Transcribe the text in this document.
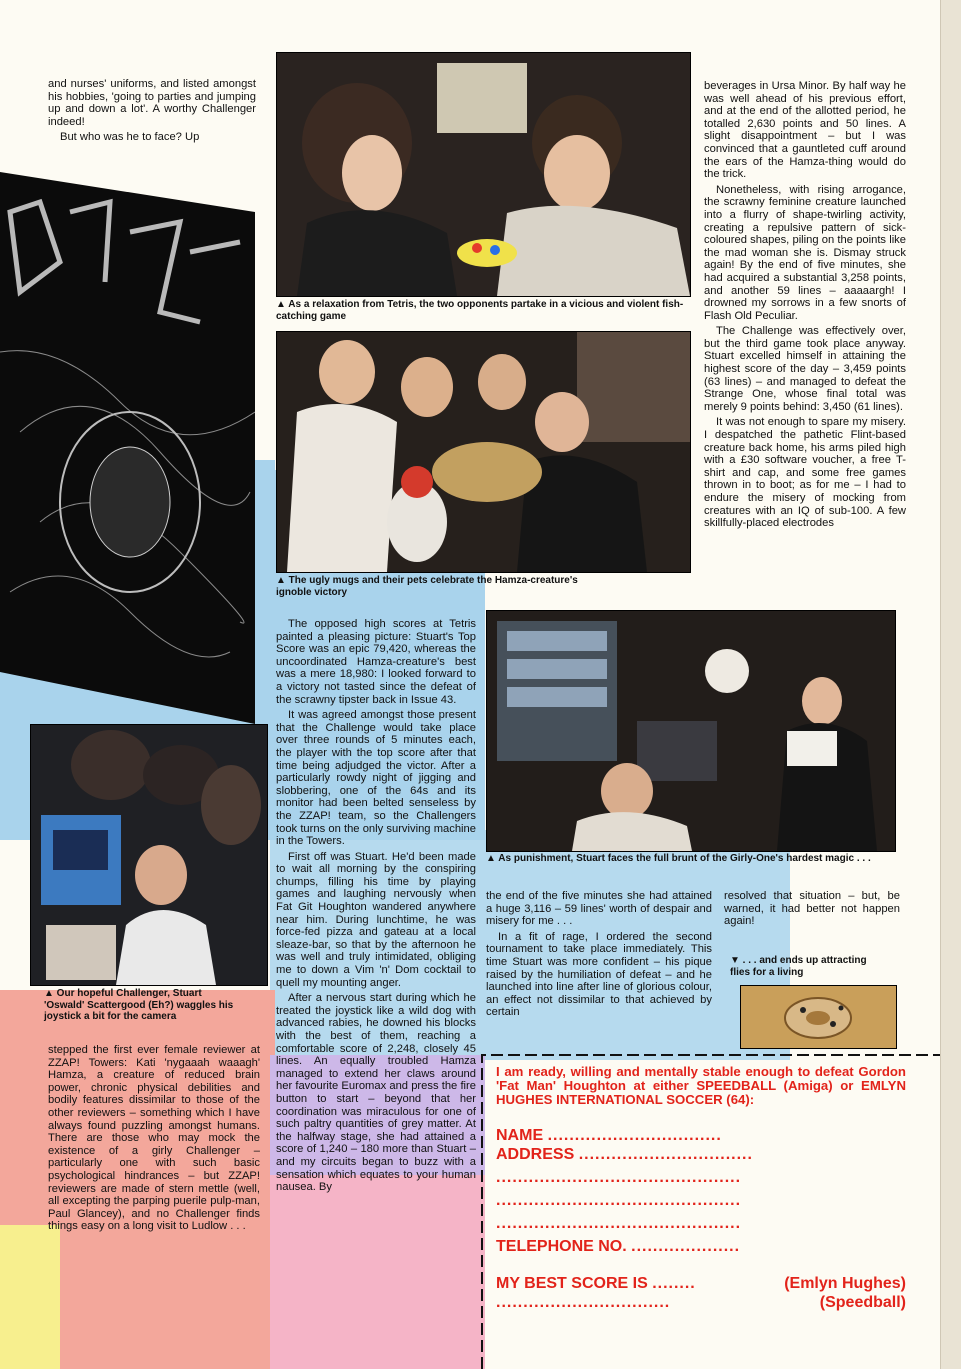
and nurses' uniforms, and listed amongst his hobbies, 'going to parties and jumping up and down a lot'. A worthy Challenger indeed!

But who was he to face? Up

▲ Our hopeful Challenger, Stuart 'Oswald' Scattergood (Eh?) waggles his joystick a bit for the camera

stepped the first ever female reviewer at ZZAP! Towers: Kati 'nygaaah waaagh' Hamza, a creature of reduced brain power, chronic physical debilities and bodily features dissimilar to those of the other reviewers – something which I have always found puzzling amongst humans. There are those who may mock the existence of a girly Challenger – particularly one with such basic psychological hindrances – but ZZAP! reviewers are made of stern mettle (well, all excepting the parping puerile pulp-man, Paul Glancey), and no Challenger finds things easy on a long visit to Ludlow . . .

▲ As a relaxation from Tetris, the two opponents partake in a vicious and violent fish-catching game
▲ The ugly mugs and their pets celebrate the Hamza-creature's ignoble victory

The opposed high scores at Tetris painted a pleasing picture: Stuart's Top Score was an epic 79,420, whereas the uncoordinated Hamza-creature's best was a mere 18,980: I looked forward to a victory not tasted since the defeat of the scrawny tipster back in Issue 43.

It was agreed amongst those present that the Challenge would take place over three rounds of 5 minutes each, the player with the top score after that time being adjudged the victor. After a particularly rowdy night of jigging and slobbering, one of the 64s and its monitor had been belted senseless by the ZZAP! team, so the Challengers took turns on the only surviving machine in the Towers.

First off was Stuart. He'd been made to wait all morning by the conspiring chumps, filling his time by playing games and laughing nervously when Fat Git Houghton wandered anywhere near him. During lunchtime, he was force-fed pizza and gateau at a local sleaze-bar, so that by the afternoon he was well and truly intimidated, obliging me to down a Vim 'n' Dom cocktail to quell my mounting anger.

After a nervous start during which he treated the joystick like a wild dog with advanced rabies, he downed his blocks with the best of them, reaching a comfortable score of 2,248, closely 45 lines. An equally troubled Hamza managed to extend her claws around her favourite Euromax and press the fire button to start – beyond that her coordination was miraculous for one of such paltry quantities of grey matter. At the halfway stage, she had attained a score of 1,240 – 180 more than Stuart – and my circuits began to buzz with a sensation which equates to your human nausea. By

beverages in Ursa Minor. By half way he was well ahead of his previous effort, and at the end of the allotted period, he totalled 2,630 points and 50 lines. A slight disappointment – but I was convinced that a gauntleted cuff around the ears of the Hamza-thing would do the trick.

Nonetheless, with rising arrogance, the scrawny feminine creature launched into a flurry of shape-twirling activity, creating a repulsive pattern of sick-coloured shapes, piling on the points like the mad woman she is. Dismay struck again! By the end of five minutes, she had acquired a substantial 3,258 points, and another 59 lines – aaaaargh! I drowned my sorrows in a few snorts of Flash Old Peculiar.

The Challenge was effectively over, but the third game took place anyway. Stuart excelled himself in attaining the highest score of the day – 3,459 points (63 lines) – and managed to defeat the Strange One, whose final total was merely 9 points behind: 3,450 (61 lines).

It was not enough to spare my misery. I despatched the pathetic Flint-based creature back home, his arms piled high with a £30 software voucher, a free T-shirt and cap, and some free games thrown in to boot; as for me – I had to endure the misery of mocking from creatures with an IQ of sub-100. A few skillfully-placed electrodes

▲ As punishment, Stuart faces the full brunt of the Girly-One's hardest magic . . .

the end of the five minutes she had attained a huge 3,116 – 59 lines' worth of despair and misery for me . . .

In a fit of rage, I ordered the second tournament to take place immediately. This time Stuart was more confident – his pique raised by the humiliation of defeat – and he launched into line after line of glorious colour, an effect not dissimilar to that achieved by certain

resolved that situation – but, be warned, it had better not happen again!

▼ . . . and ends up attracting flies for a living
I am ready, willing and mentally stable enough to defeat Gordon 'Fat Man' Houghton at either SPEEDBALL (Amiga) or EMLYN HUGHES INTERNATIONAL SOCCER (64):
NAME ................................
ADDRESS ................................
.............................................
.............................................
.............................................
TELEPHONE NO. ....................
MY BEST SCORE IS ........	(Emlyn Hughes)
................................	(Speedball)
